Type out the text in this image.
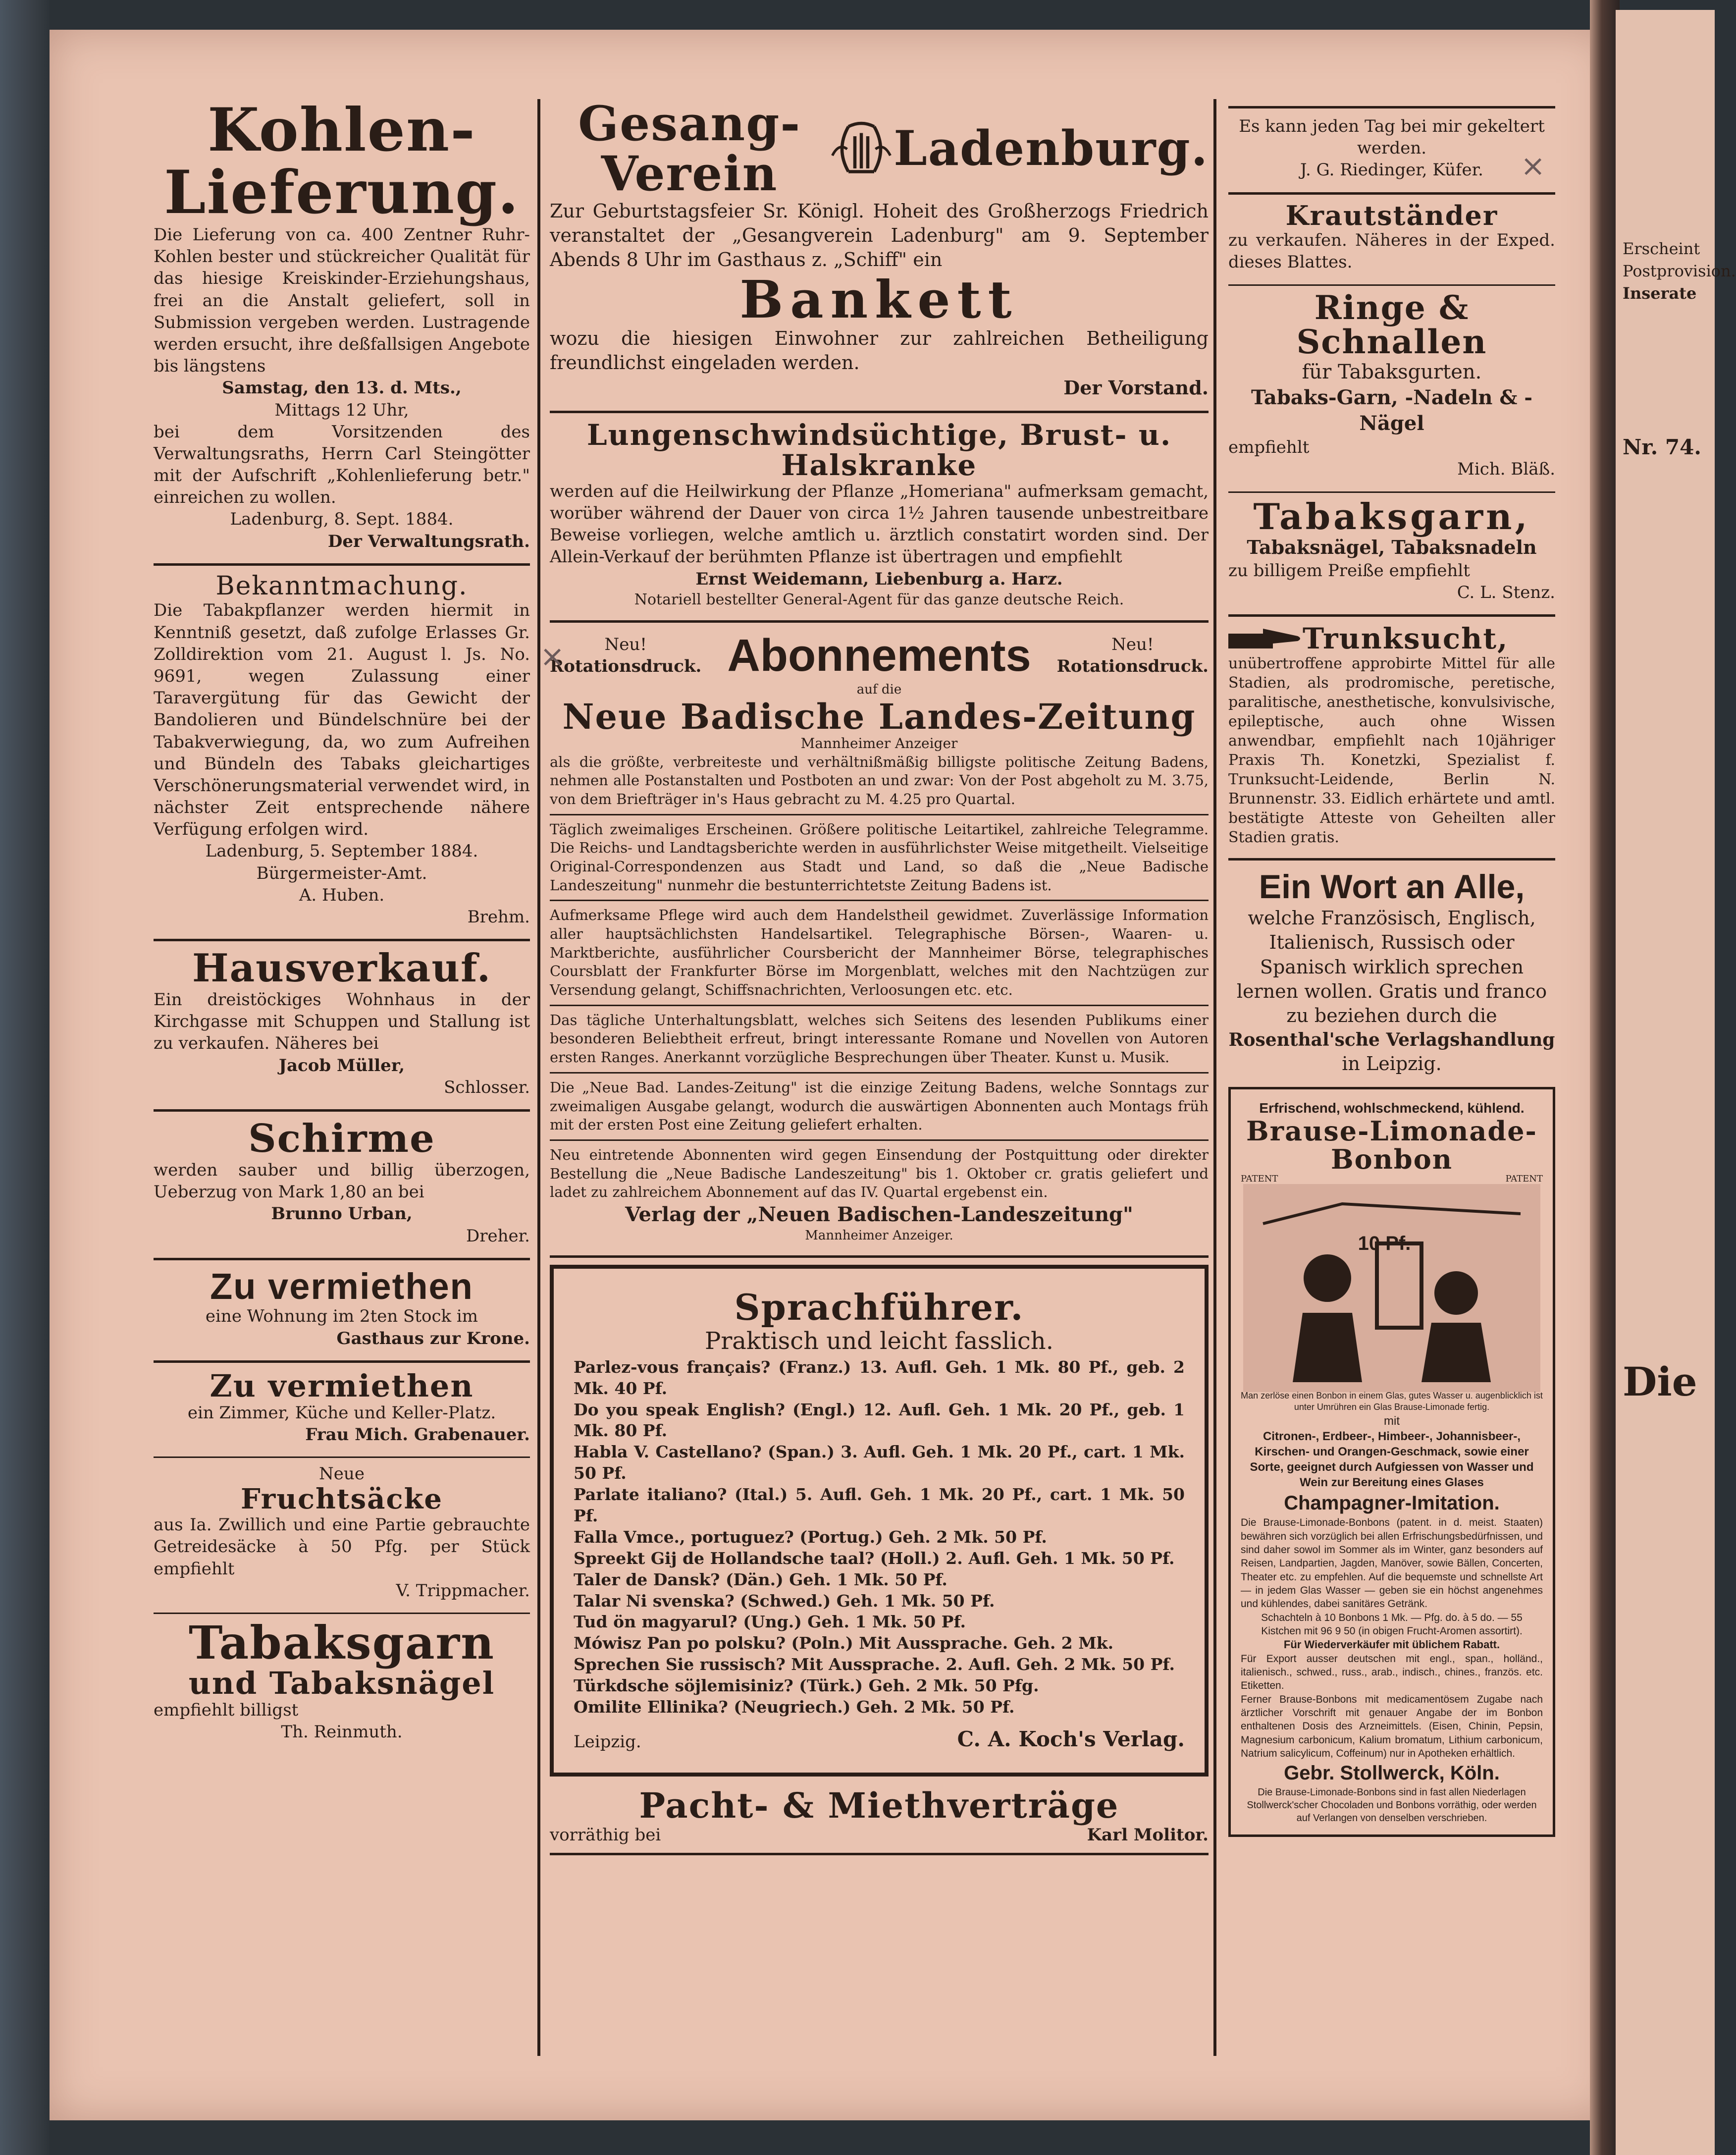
Erscheint
Postprovision.
Inserate
Nr. 74.
Die
Kohlen-
Lieferung.
Die Lieferung von ca. 400 Zentner Ruhr-Kohlen bester und stückreicher Qualität für das hiesige Kreiskinder-Erziehungshaus, frei an die Anstalt geliefert, soll in Submission vergeben werden. Lustragende werden ersucht, ihre deßfallsigen Angebote bis längstens
Samstag, den 13. d. Mts.,
Mittags 12 Uhr,
bei dem Vorsitzenden des Verwaltungsraths, Herrn Carl Steingötter mit der Aufschrift „Kohlenlieferung betr." einreichen zu wollen.
Ladenburg, 8. Sept. 1884.
Der Verwaltungsrath.
Bekanntmachung.
Die Tabakpflanzer werden hiermit in Kenntniß gesetzt, daß zufolge Erlasses Gr. Zolldirektion vom 21. August l. Js. No. 9691, wegen Zulassung einer Taravergütung für das Gewicht der Bandolieren und Bündelschnüre bei der Tabakverwiegung, da, wo zum Aufreihen und Bündeln des Tabaks gleichartiges Verschönerungsmaterial verwendet wird, in nächster Zeit entsprechende nähere Verfügung erfolgen wird.
Ladenburg, 5. September 1884.
Bürgermeister-Amt.
A. Huben.
Brehm.
Hausverkauf.
Ein dreistöckiges Wohnhaus in der Kirchgasse mit Schuppen und Stallung ist zu verkaufen. Näheres bei
Jacob Müller,
Schlosser.
Schirme
werden sauber und billig überzogen, Ueberzug von Mark 1,80 an bei
Brunno Urban,
Dreher.
Zu vermiethen
eine Wohnung im 2ten Stock im
Gasthaus zur Krone.
Zu vermiethen
ein Zimmer, Küche und Keller-Platz.
Frau Mich. Grabenauer.
Neue
Fruchtsäcke
aus Ia. Zwillich und eine Partie gebrauchte Getreidesäcke à 50 Pfg. per Stück empfiehlt
V. Trippmacher.
Tabaksgarn
und Tabaksnägel
empfiehlt billigst
Th. Reinmuth.
Gesang-Verein	Ladenburg.
Zur Geburtstagsfeier Sr. Königl. Hoheit des Großherzogs Friedrich veranstaltet der „Gesangverein Ladenburg" am 9. September Abends 8 Uhr im Gasthaus z. „Schiff" ein
Bankett
wozu die hiesigen Einwohner zur zahlreichen Betheiligung freundlichst eingeladen werden.
Der Vorstand.
Lungenschwindsüchtige, Brust- u. Halskranke
werden auf die Heilwirkung der Pflanze „Homeriana" aufmerksam gemacht, worüber während der Dauer von circa 1½ Jahren tausende unbestreitbare Beweise vorliegen, welche amtlich u. ärztlich constatirt worden sind. Der Allein-Verkauf der berühmten Pflanze ist übertragen und empfiehlt
Ernst Weidemann, Liebenburg a. Harz.
Notariell bestellter General-Agent für das ganze deutsche Reich.
Neu!
Rotationsdruck. Abonnements	Neu!
Rotationsdruck.
auf die
Neue Badische Landes-Zeitung
Mannheimer Anzeiger
als die größte, verbreiteste und verhältnißmäßig billigste politische Zeitung Badens, nehmen alle Postanstalten und Postboten an und zwar: Von der Post abgeholt zu M. 3.75, von dem Briefträger in's Haus gebracht zu M. 4.25 pro Quartal.
Täglich zweimaliges Erscheinen. Größere politische Leitartikel, zahlreiche Telegramme. Die Reichs- und Landtagsberichte werden in ausführlichster Weise mitgetheilt. Vielseitige Original-Correspondenzen aus Stadt und Land, so daß die „Neue Badische Landeszeitung" nunmehr die bestunterrichtetste Zeitung Badens ist.
Aufmerksame Pflege wird auch dem Handelstheil gewidmet. Zuverlässige Information aller hauptsächlichsten Handelsartikel. Telegraphische Börsen-, Waaren- u. Marktberichte, ausführlicher Coursbericht der Mannheimer Börse, telegraphisches Coursblatt der Frankfurter Börse im Morgenblatt, welches mit den Nachtzügen zur Versendung gelangt, Schiffsnachrichten, Verloosungen etc. etc.
Das tägliche Unterhaltungsblatt, welches sich Seitens des lesenden Publikums einer besonderen Beliebtheit erfreut, bringt interessante Romane und Novellen von Autoren ersten Ranges. Anerkannt vorzügliche Besprechungen über Theater. Kunst u. Musik.
Die „Neue Bad. Landes-Zeitung" ist die einzige Zeitung Badens, welche Sonntags zur zweimaligen Ausgabe gelangt, wodurch die auswärtigen Abonnenten auch Montags früh mit der ersten Post eine Zeitung geliefert erhalten.
Neu eintretende Abonnenten wird gegen Einsendung der Postquittung oder direkter Bestellung die „Neue Badische Landeszeitung" bis 1. Oktober cr. gratis geliefert und ladet zu zahlreichem Abonnement auf das IV. Quartal ergebenst ein.
Verlag der „Neuen Badischen-Landeszeitung"
Mannheimer Anzeiger.
Sprachführer.
Praktisch und leicht fasslich.
Parlez-vous français? (Franz.) 13. Aufl. Geh. 1 Mk. 80 Pf., geb. 2 Mk. 40 Pf.
Do you speak English? (Engl.) 12. Aufl. Geh. 1 Mk. 20 Pf., geb. 1 Mk. 80 Pf.
Habla V. Castellano? (Span.) 3. Aufl. Geh. 1 Mk. 20 Pf., cart. 1 Mk. 50 Pf.
Parlate italiano? (Ital.) 5. Aufl. Geh. 1 Mk. 20 Pf., cart. 1 Mk. 50 Pf.
Falla Vmce., portuguez? (Portug.) Geh. 2 Mk. 50 Pf.
Spreekt Gij de Hollandsche taal? (Holl.) 2. Aufl. Geh. 1 Mk. 50 Pf.
Taler de Dansk? (Dän.) Geh. 1 Mk. 50 Pf.
Talar Ni svenska? (Schwed.) Geh. 1 Mk. 50 Pf.
Tud ön magyarul? (Ung.) Geh. 1 Mk. 50 Pf.
Mówisz Pan po polsku? (Poln.) Mit Aussprache. Geh. 2 Mk.
Sprechen Sie russisch? Mit Aussprache. 2. Aufl. Geh. 2 Mk. 50 Pf.
Türkdsche söjlemisiniz? (Türk.) Geh. 2 Mk. 50 Pfg.
Omilite Ellinika? (Neugriech.) Geh. 2 Mk. 50 Pf.
Leipzig.	C. A. Koch's Verlag.
Pacht- & Miethverträge
vorräthig bei	Karl Molitor.
Es kann jeden Tag bei mir gekeltert werden.
J. G. Riedinger, Küfer.
Krautständer
zu verkaufen. Näheres in der Exped. dieses Blattes.
Ringe & Schnallen
für Tabaksgurten.
Tabaks-Garn, -Nadeln & -Nägel
empfiehlt
Mich. Bläß.
Tabaksgarn,
Tabaksnägel, Tabaksnadeln
zu billigem Preiße empfiehlt
C. L. Stenz.
Trunksucht,
unübertroffene approbirte Mittel für alle Stadien, als prodromische, peretische, paralitische, anesthetische, konvulsivische, epileptische, auch ohne Wissen anwendbar, empfiehlt nach 10jähriger Praxis Th. Konetzki, Spezialist f. Trunksucht-Leidende, Berlin N. Brunnenstr. 33. Eidlich erhärtete und amtl. bestätigte Atteste von Geheilten aller Stadien gratis.
Ein Wort an Alle,
welche Französisch, Englisch, Italienisch, Russisch oder Spanisch wirklich sprechen lernen wollen. Gratis und franco zu beziehen durch die
Rosenthal'sche Verlagshandlung
in Leipzig.
Erfrischend, wohlschmeckend, kühlend.
Brause-Limonade-Bonbon
PATENT	PATENT
10 Pf.
Man zerlöse einen Bonbon in einem Glas, gutes Wasser u. augenblicklich ist unter Umrühren ein Glas Brause-Limonade fertig.
mit
Citronen-, Erdbeer-, Himbeer-, Johannisbeer-, Kirschen- und Orangen-Geschmack, sowie einer Sorte, geeignet durch Aufgiessen von Wasser und Wein zur Bereitung eines Glases
Champagner-Imitation.
Die Brause-Limonade-Bonbons (patent. in d. meist. Staaten) bewähren sich vorzüglich bei allen Erfrischungsbedürfnissen, und sind daher sowol im Sommer als im Winter, ganz besonders auf Reisen, Landpartien, Jagden, Manöver, sowie Bällen, Concerten, Theater etc. zu empfehlen. Auf die bequemste und schnellste Art — in jedem Glas Wasser — geben sie ein höchst angenehmes und kühlendes, dabei sanitäres Getränk.
Schachteln à 10 Bonbons 1 Mk. — Pfg. do. à 5 do. — 55 Kistchen mit 96 9 50 (in obigen Frucht-Aromen assortirt).
Für Wiederverkäufer mit üblichem Rabatt.
Für Export ausser deutschen mit engl., span., holländ., italienisch., schwed., russ., arab., indisch., chines., französ. etc. Etiketten.
Ferner Brause-Bonbons mit medicamentösem Zugabe nach ärztlicher Vorschrift mit genauer Angabe der im Bonbon enthaltenen Dosis des Arzneimittels. (Eisen, Chinin, Pepsin, Magnesium carbonicum, Kalium bromatum, Lithium carbonicum, Natrium salicylicum, Coffeinum) nur in Apotheken erhältlich.
Gebr. Stollwerck, Köln.
Die Brause-Limonade-Bonbons sind in fast allen Niederlagen Stollwerck'scher Chocoladen und Bonbons vorräthig, oder werden auf Verlangen von denselben verschrieben.
×
×
